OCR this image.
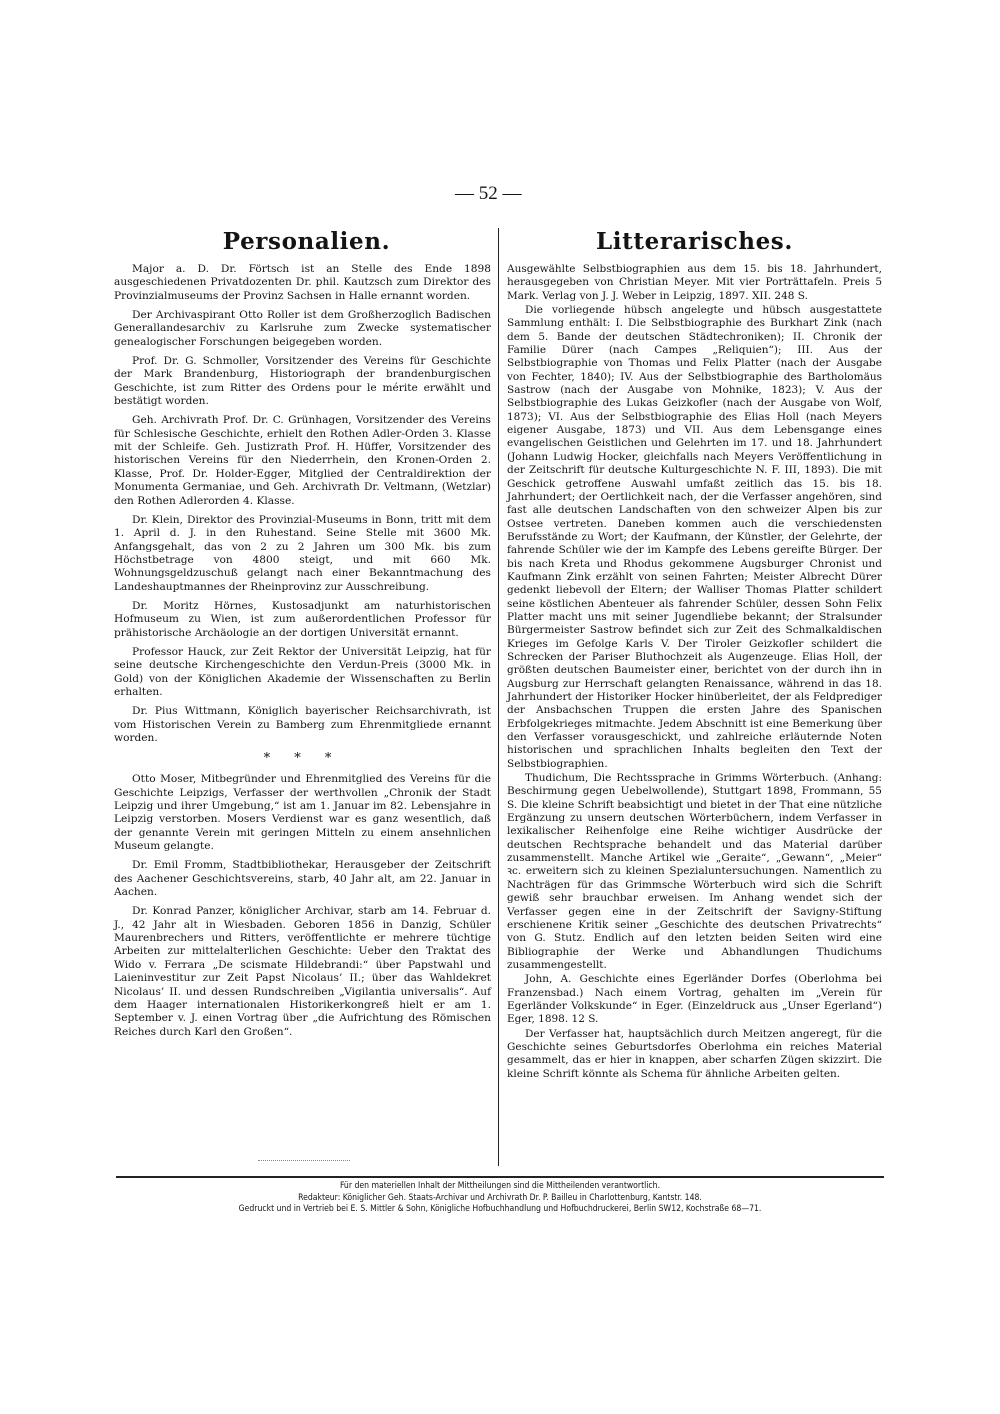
— 52 —
Personalien.

Major a. D. Dr. Förtsch ist an Stelle des Ende 1898 ausgeschiedenen Privatdozenten Dr. phil. Kautzsch zum Direktor des Provinzialmuseums der Provinz Sachsen in Halle ernannt worden.

Der Archivaspirant Otto Roller ist dem Großherzoglich Badischen Generallandesarchiv zu Karlsruhe zum Zwecke systematischer genealogischer Forschungen beigegeben worden.

Prof. Dr. G. Schmoller, Vorsitzender des Vereins für Geschichte der Mark Brandenburg, Historiograph der brandenburgischen Geschichte, ist zum Ritter des Ordens pour le mérite erwählt und bestätigt worden.

Geh. Archivrath Prof. Dr. C. Grünhagen, Vorsitzender des Vereins für Schlesische Geschichte, erhielt den Rothen Adler-Orden 3. Klasse mit der Schleife. Geh. Justizrath Prof. H. Hüffer, Vorsitzender des historischen Vereins für den Niederrhein, den Kronen-Orden 2. Klasse, Prof. Dr. Holder-Egger, Mitglied der Centraldirektion der Monumenta Germaniae, und Geh. Archivrath Dr. Veltmann, (Wetzlar) den Rothen Adlerorden 4. Klasse.

Dr. Klein, Direktor des Provinzial-Museums in Bonn, tritt mit dem 1. April d. J. in den Ruhestand. Seine Stelle mit 3600 Mk. Anfangsgehalt, das von 2 zu 2 Jahren um 300 Mk. bis zum Höchstbetrage von 4800 steigt, und mit 660 Mk. Wohnungsgeldzuschuß gelangt nach einer Bekanntmachung des Landeshauptmannes der Rheinprovinz zur Ausschreibung.

Dr. Moritz Hörnes, Kustosadjunkt am naturhistorischen Hofmuseum zu Wien, ist zum außerordentlichen Professor für prähistorische Archäologie an der dortigen Universität ernannt.

Professor Hauck, zur Zeit Rektor der Universität Leipzig, hat für seine deutsche Kirchengeschichte den Verdun-Preis (3000 Mk. in Gold) von der Königlichen Akademie der Wissenschaften zu Berlin erhalten.

Dr. Pius Wittmann, Königlich bayerischer Reichsarchivrath, ist vom Historischen Verein zu Bamberg zum Ehrenmitgliede ernannt worden.

* * *

Otto Moser, Mitbegründer und Ehrenmitglied des Vereins für die Geschichte Leipzigs, Verfasser der werthvollen „Chronik der Stadt Leipzig und ihrer Umgebung,“ ist am 1. Januar im 82. Lebensjahre in Leipzig verstorben. Mosers Verdienst war es ganz wesentlich, daß der genannte Verein mit geringen Mitteln zu einem ansehnlichen Museum gelangte.

Dr. Emil Fromm, Stadtbibliothekar, Herausgeber der Zeitschrift des Aachener Geschichtsvereins, starb, 40 Jahr alt, am 22. Januar in Aachen.

Dr. Konrad Panzer, königlicher Archivar, starb am 14. Februar d. J., 42 Jahr alt in Wiesbaden. Geboren 1856 in Danzig, Schüler Maurenbrechers und Ritters, veröffentlichte er mehrere tüchtige Arbeiten zur mittelalterlichen Geschichte: Ueber den Traktat des Wido v. Ferrara „De scismate Hildebrandi:“ über Papstwahl und Laieninvestitur zur Zeit Papst Nicolaus’ II.; über das Wahldekret Nicolaus’ II. und dessen Rundschreiben „Vigilantia universalis“. Auf dem Haager internationalen Historikerkongreß hielt er am 1. September v. J. einen Vortrag über „die Aufrichtung des Römischen Reiches durch Karl den Großen“.

Litterarisches.

Ausgewählte Selbstbiographien aus dem 15. bis 18. Jahrhundert, herausgegeben von Christian Meyer. Mit vier Porträttafeln. Preis 5 Mark. Verlag von J. J. Weber in Leipzig, 1897. XII. 248 S.

Die vorliegende hübsch angelegte und hübsch ausgestattete Sammlung enthält: I. Die Selbstbiographie des Burkhart Zink (nach dem 5. Bande der deutschen Städtechroniken); II. Chronik der Familie Dürer (nach Campes „Reliquien“); III. Aus der Selbstbiographie von Thomas und Felix Platter (nach der Ausgabe von Fechter, 1840); IV. Aus der Selbstbiographie des Bartholomäus Sastrow (nach der Ausgabe von Mohnike, 1823); V. Aus der Selbstbiographie des Lukas Geizkofler (nach der Ausgabe von Wolf, 1873); VI. Aus der Selbstbiographie des Elias Holl (nach Meyers eigener Ausgabe, 1873) und VII. Aus dem Lebensgange eines evangelischen Geistlichen und Gelehrten im 17. und 18. Jahrhundert (Johann Ludwig Hocker, gleichfalls nach Meyers Veröffentlichung in der Zeitschrift für deutsche Kulturgeschichte N. F. III, 1893). Die mit Geschick getroffene Auswahl umfaßt zeitlich das 15. bis 18. Jahrhundert; der Oertlichkeit nach, der die Verfasser angehören, sind fast alle deutschen Landschaften von den schweizer Alpen bis zur Ostsee vertreten. Daneben kommen auch die verschiedensten Berufsstände zu Wort; der Kaufmann, der Künstler, der Gelehrte, der fahrende Schüler wie der im Kampfe des Lebens gereifte Bürger. Der bis nach Kreta und Rhodus gekommene Augsburger Chronist und Kaufmann Zink erzählt von seinen Fahrten; Meister Albrecht Dürer gedenkt liebevoll der Eltern; der Walliser Thomas Platter schildert seine köstlichen Abenteuer als fahrender Schüler, dessen Sohn Felix Platter macht uns mit seiner Jugendliebe bekannt; der Stralsunder Bürgermeister Sastrow befindet sich zur Zeit des Schmalkaldischen Krieges im Gefolge Karls V. Der Tiroler Geizkofler schildert die Schrecken der Pariser Bluthochzeit als Augenzeuge. Elias Holl, der größten deutschen Baumeister einer, berichtet von der durch ihn in Augsburg zur Herrschaft gelangten Renaissance, während in das 18. Jahrhundert der Historiker Hocker hinüberleitet, der als Feldprediger der Ansbachschen Truppen die ersten Jahre des Spanischen Erbfolgekrieges mitmachte. Jedem Abschnitt ist eine Bemerkung über den Verfasser vorausgeschickt, und zahlreiche erläuternde Noten historischen und sprachlichen Inhalts begleiten den Text der Selbstbiographien.

Thudichum, Die Rechtssprache in Grimms Wörterbuch. (Anhang: Beschirmung gegen Uebelwollende), Stuttgart 1898, Frommann, 55 S. Die kleine Schrift beabsichtigt und bietet in der That eine nützliche Ergänzung zu unsern deutschen Wörterbüchern, indem Verfasser in lexikalischer Reihenfolge eine Reihe wichtiger Ausdrücke der deutschen Rechtsprache behandelt und das Material darüber zusammenstellt. Manche Artikel wie „Geraite“, „Gewann“, „Meier“ ꝛc. erweitern sich zu kleinen Spezialuntersuchungen. Namentlich zu Nachträgen für das Grimmsche Wörterbuch wird sich die Schrift gewiß sehr brauchbar erweisen. Im Anhang wendet sich der Verfasser gegen eine in der Zeitschrift der Savigny-Stiftung erschienene Kritik seiner „Geschichte des deutschen Privatrechts“ von G. Stutz. Endlich auf den letzten beiden Seiten wird eine Bibliographie der Werke und Abhandlungen Thudichums zusammengestellt.

John, A. Geschichte eines Egerländer Dorfes (Oberlohma bei Franzensbad.) Nach einem Vortrag, gehalten im „Verein für Egerländer Volkskunde“ in Eger. (Einzeldruck aus „Unser Egerland“) Eger, 1898. 12 S.

Der Verfasser hat, hauptsächlich durch Meitzen angeregt, für die Geschichte seines Geburtsdorfes Oberlohma ein reiches Material gesammelt, das er hier in knappen, aber scharfen Zügen skizzirt. Die kleine Schrift könnte als Schema für ähnliche Arbeiten gelten.

Für den materiellen Inhalt der Mittheilungen sind die Mittheilenden verantwortlich.
Redakteur: Königlicher Geh. Staats-Archivar und Archivrath Dr. P. Bailleu in Charlottenburg, Kantstr. 148.
Gedruckt und in Vertrieb bei E. S. Mittler & Sohn, Königliche Hofbuchhandlung und Hofbuchdruckerei, Berlin SW12, Kochstraße 68—71.
